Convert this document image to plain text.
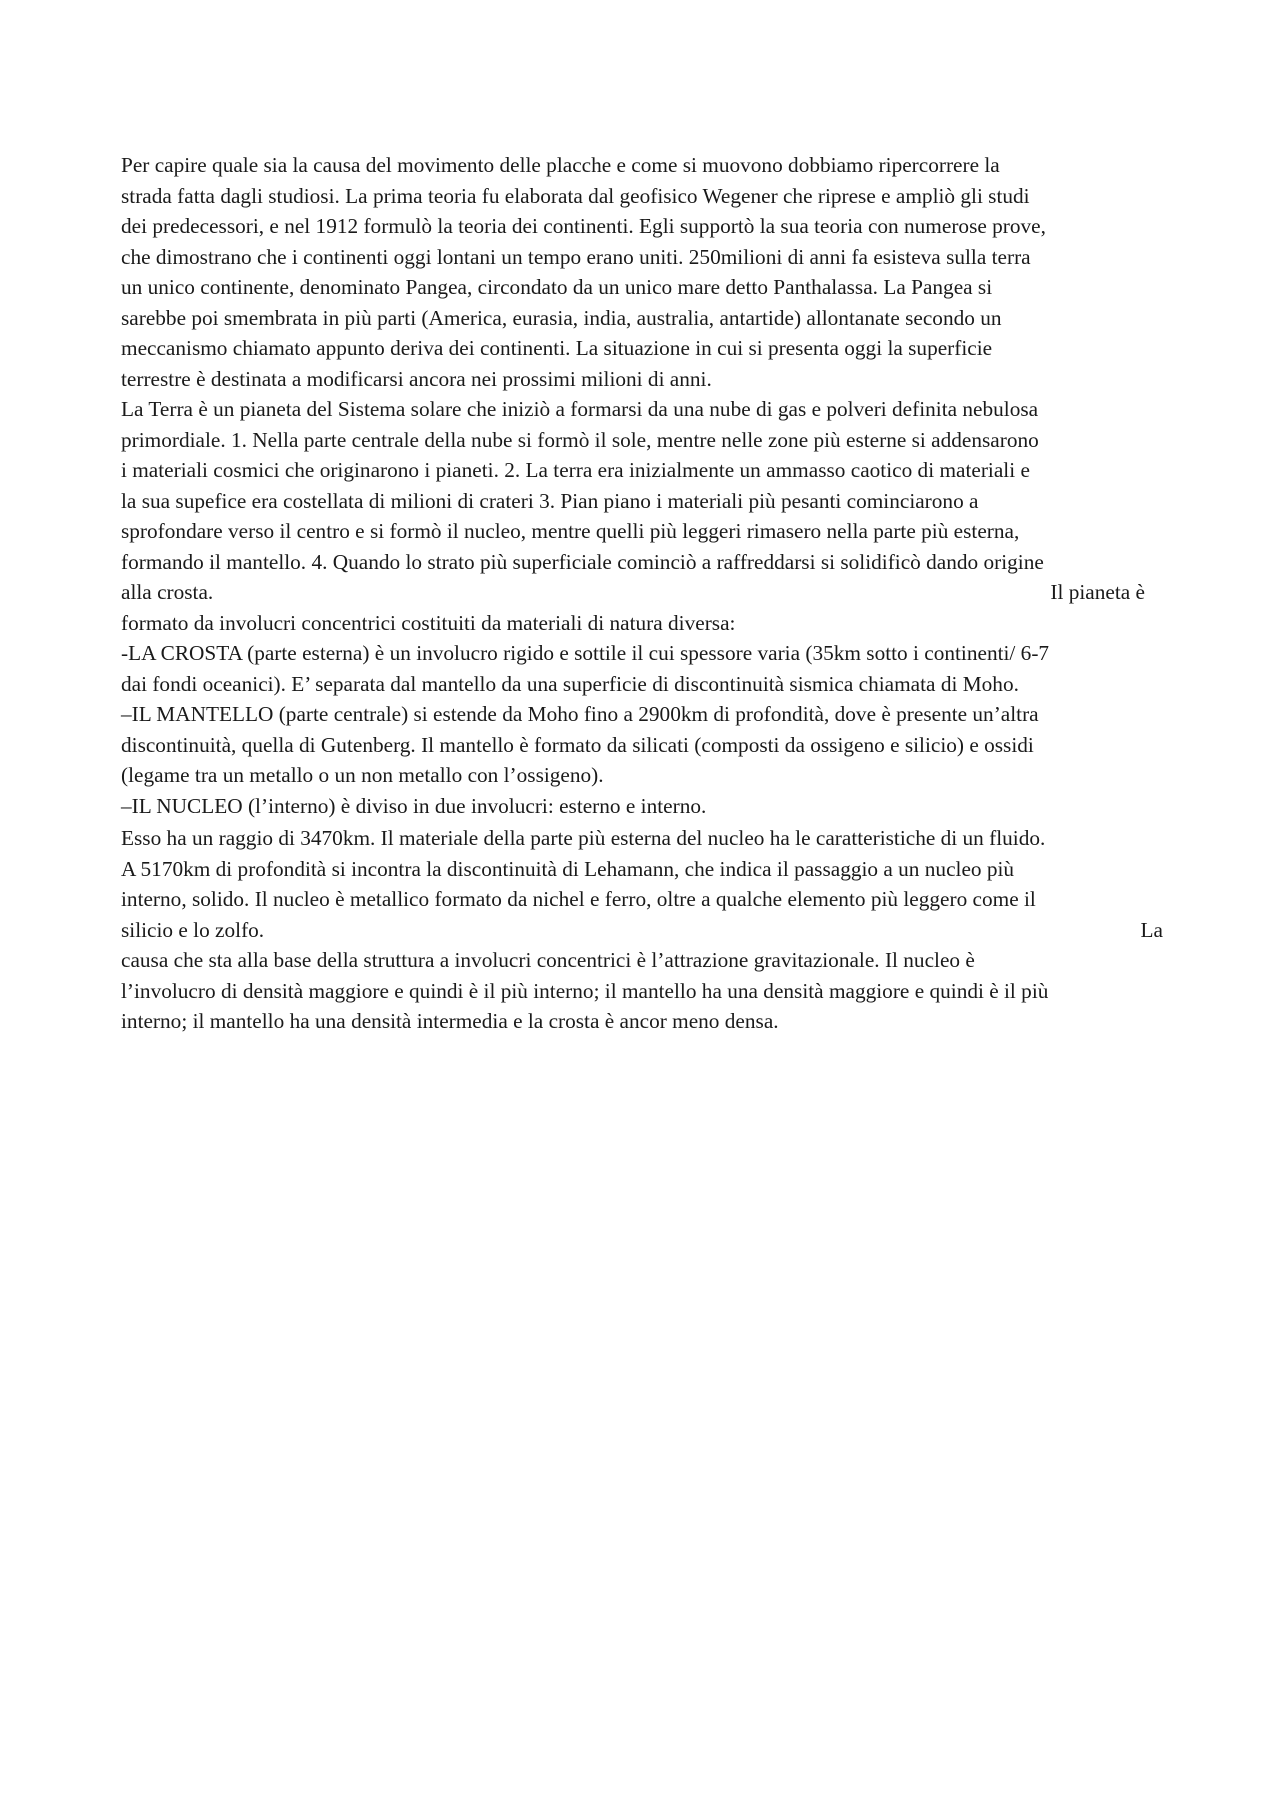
Per capire quale sia la causa del movimento delle placche e come si muovono dobbiamo ripercorrere la
strada fatta dagli studiosi. La prima teoria fu elaborata dal geofisico Wegener che riprese e ampliò gli studi
dei predecessori, e nel 1912 formulò la teoria dei continenti. Egli supportò la sua teoria con numerose prove,
che dimostrano che i continenti oggi lontani un tempo erano uniti. 250milioni di anni fa esisteva sulla terra
un unico continente, denominato Pangea, circondato da un unico mare detto Panthalassa. La Pangea si
sarebbe poi smembrata in più parti (America, eurasia, india, australia, antartide) allontanate secondo un
meccanismo chiamato appunto deriva dei continenti. La situazione in cui si presenta oggi la superficie
terrestre è destinata a modificarsi ancora nei prossimi milioni di anni.
La Terra è un pianeta del Sistema solare che iniziò a formarsi da una nube di gas e polveri definita nebulosa
primordiale. 1. Nella parte centrale della nube si formò il sole, mentre nelle zone più esterne si addensarono
i materiali cosmici che originarono i pianeti. 2. La terra era inizialmente un ammasso caotico di materiali e
la sua supefice era costellata di milioni di crateri 3. Pian piano i materiali più pesanti cominciarono a
sprofondare verso il centro e si formò il nucleo, mentre quelli più leggeri rimasero nella parte più esterna,
formando il mantello. 4. Quando lo strato più superficiale cominciò a raffreddarsi si solidificò dando origine
alla crosta.	Il pianeta è
formato da involucri concentrici costituiti da materiali di natura diversa:
-LA CROSTA (parte esterna) è un involucro rigido e sottile il cui spessore varia (35km sotto i continenti/ 6-7
dai fondi oceanici). E’ separata dal mantello da una superficie di discontinuità sismica chiamata di Moho.
–IL MANTELLO (parte centrale) si estende da Moho fino a 2900km di profondità, dove è presente un’altra
discontinuità, quella di Gutenberg. Il mantello è formato da silicati (composti da ossigeno e silicio) e ossidi
(legame tra un metallo o un non metallo con l’ossigeno).
–IL NUCLEO (l’interno) è diviso in due involucri: esterno e interno.
Esso ha un raggio di 3470km. Il materiale della parte più esterna del nucleo ha le caratteristiche di un fluido.
A 5170km di profondità si incontra la discontinuità di Lehamann, che indica il passaggio a un nucleo più
interno, solido. Il nucleo è metallico formato da nichel e ferro, oltre a qualche elemento più leggero come il
silicio e lo zolfo.	La
causa che sta alla base della struttura a involucri concentrici è l’attrazione gravitazionale. Il nucleo è
l’involucro di densità maggiore e quindi è il più interno; il mantello ha una densità maggiore e quindi è il più
interno; il mantello ha una densità intermedia e la crosta è ancor meno densa.
